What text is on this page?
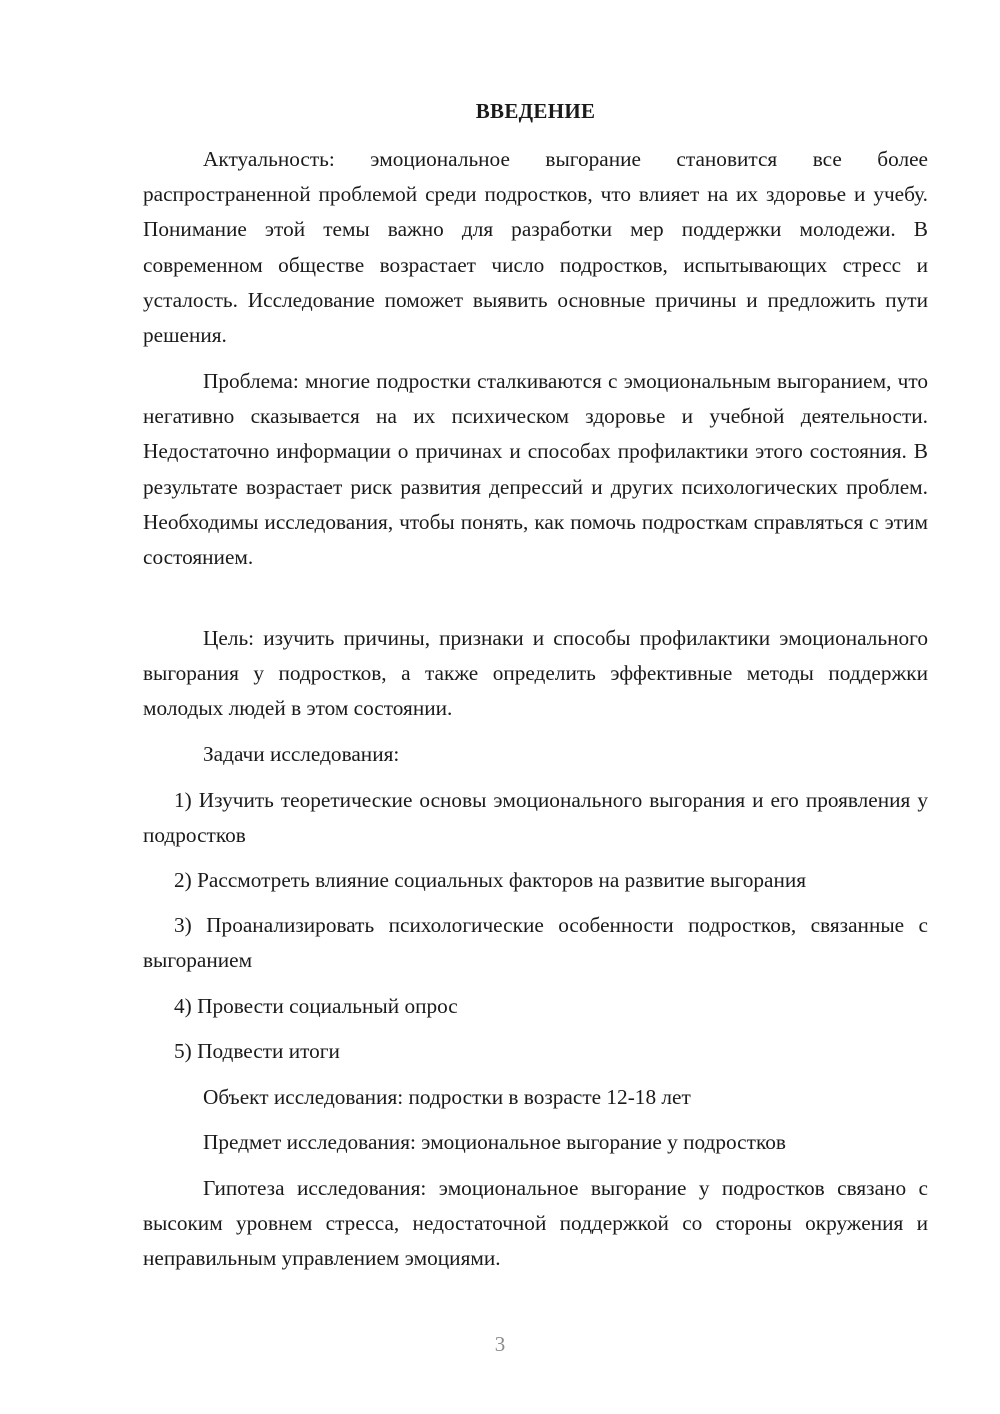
ВВЕДЕНИЕ

Актуальность: эмоциональное выгорание становится все более распространенной проблемой среди подростков, что влияет на их здоровье и учебу. Понимание этой темы важно для разработки мер поддержки молодежи. В современном обществе возрастает число подростков, испытывающих стресс и усталость. Исследование поможет выявить основные причины и предложить пути решения.

Проблема: многие подростки сталкиваются с эмоциональным выгоранием, что негативно сказывается на их психическом здоровье и учебной деятельности. Недостаточно информации о причинах и способах профилактики этого состояния. В результате возрастает риск развития депрессий и других психологических проблем. Необходимы исследования, чтобы понять, как помочь подросткам справляться с этим состоянием.

Цель: изучить причины, признаки и способы профилактики эмоционального выгорания у подростков, а также определить эффективные методы поддержки молодых людей в этом состоянии.

Задачи исследования:

1) Изучить теоретические основы эмоционального выгорания и его проявления у подростков

2) Рассмотреть влияние социальных факторов на развитие выгорания

3) Проанализировать психологические особенности подростков, связанные с выгоранием

4) Провести социальный опрос

5) Подвести итоги

Объект исследования: подростки в возрасте 12-18 лет

Предмет исследования: эмоциональное выгорание у подростков

Гипотеза исследования: эмоциональное выгорание у подростков связано с высоким уровнем стресса, недостаточной поддержкой со стороны окружения и неправильным управлением эмоциями.

3
